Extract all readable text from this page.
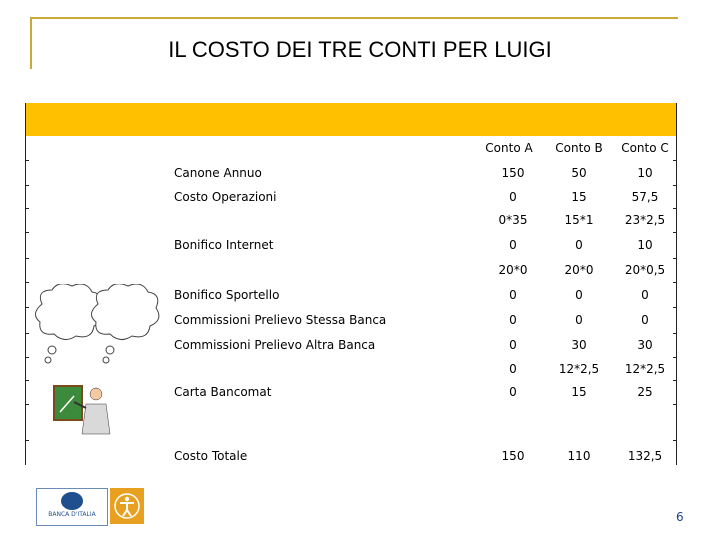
IL COSTO DEI TRE CONTI PER LUIGI
Conto A	Conto B	Conto C
Canone Annuo	150	50	10
Costo Operazioni	0	15	57,5
0*35	15*1	23*2,5
Bonifico Internet	0	0	10
20*0	20*0	20*0,5
Bonifico Sportello	0	0	0
Commissioni Prelievo Stessa Banca	0	0	0
Commissioni Prelievo Altra Banca	0	30	30
0	12*2,5	12*2,5
Carta Bancomat	0	15	25
Costo Totale	150	110	132,5
BANCA D'ITALIA	6
